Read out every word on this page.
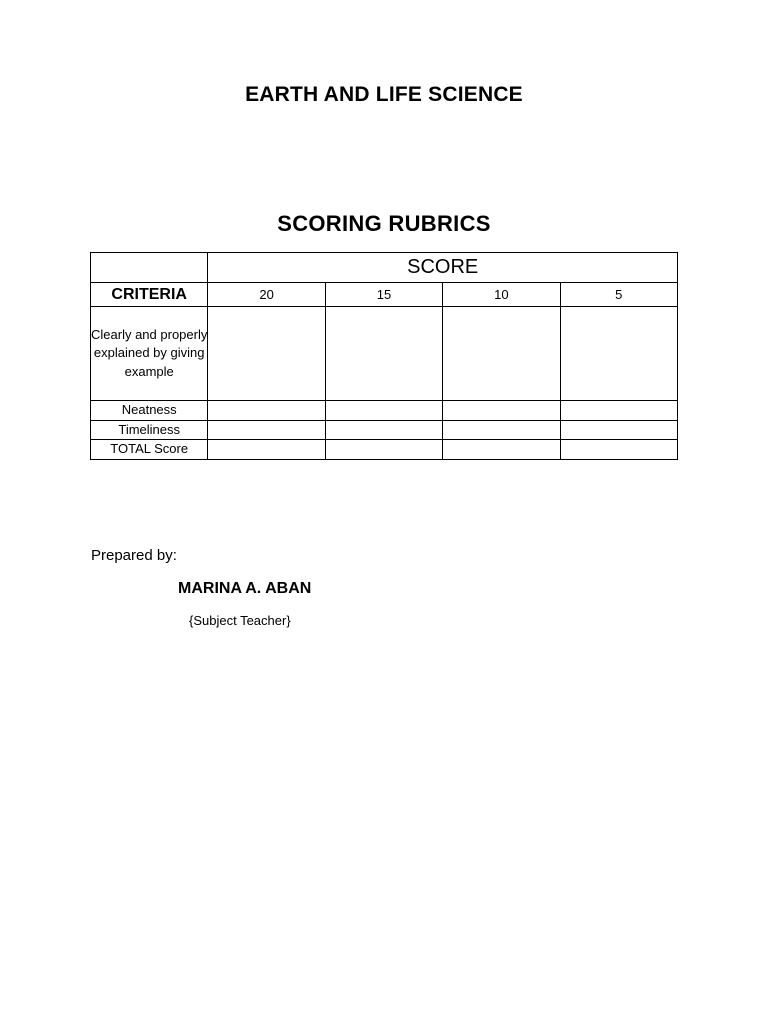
EARTH AND LIFE SCIENCE
SCORING RUBRICS
	SCORE			
CRITERIA	20	15	10	5
Clearly and properly explained by giving example				
Neatness				
Timeliness				
TOTAL Score				
Prepared by:
MARINA A. ABAN
{Subject Teacher}
